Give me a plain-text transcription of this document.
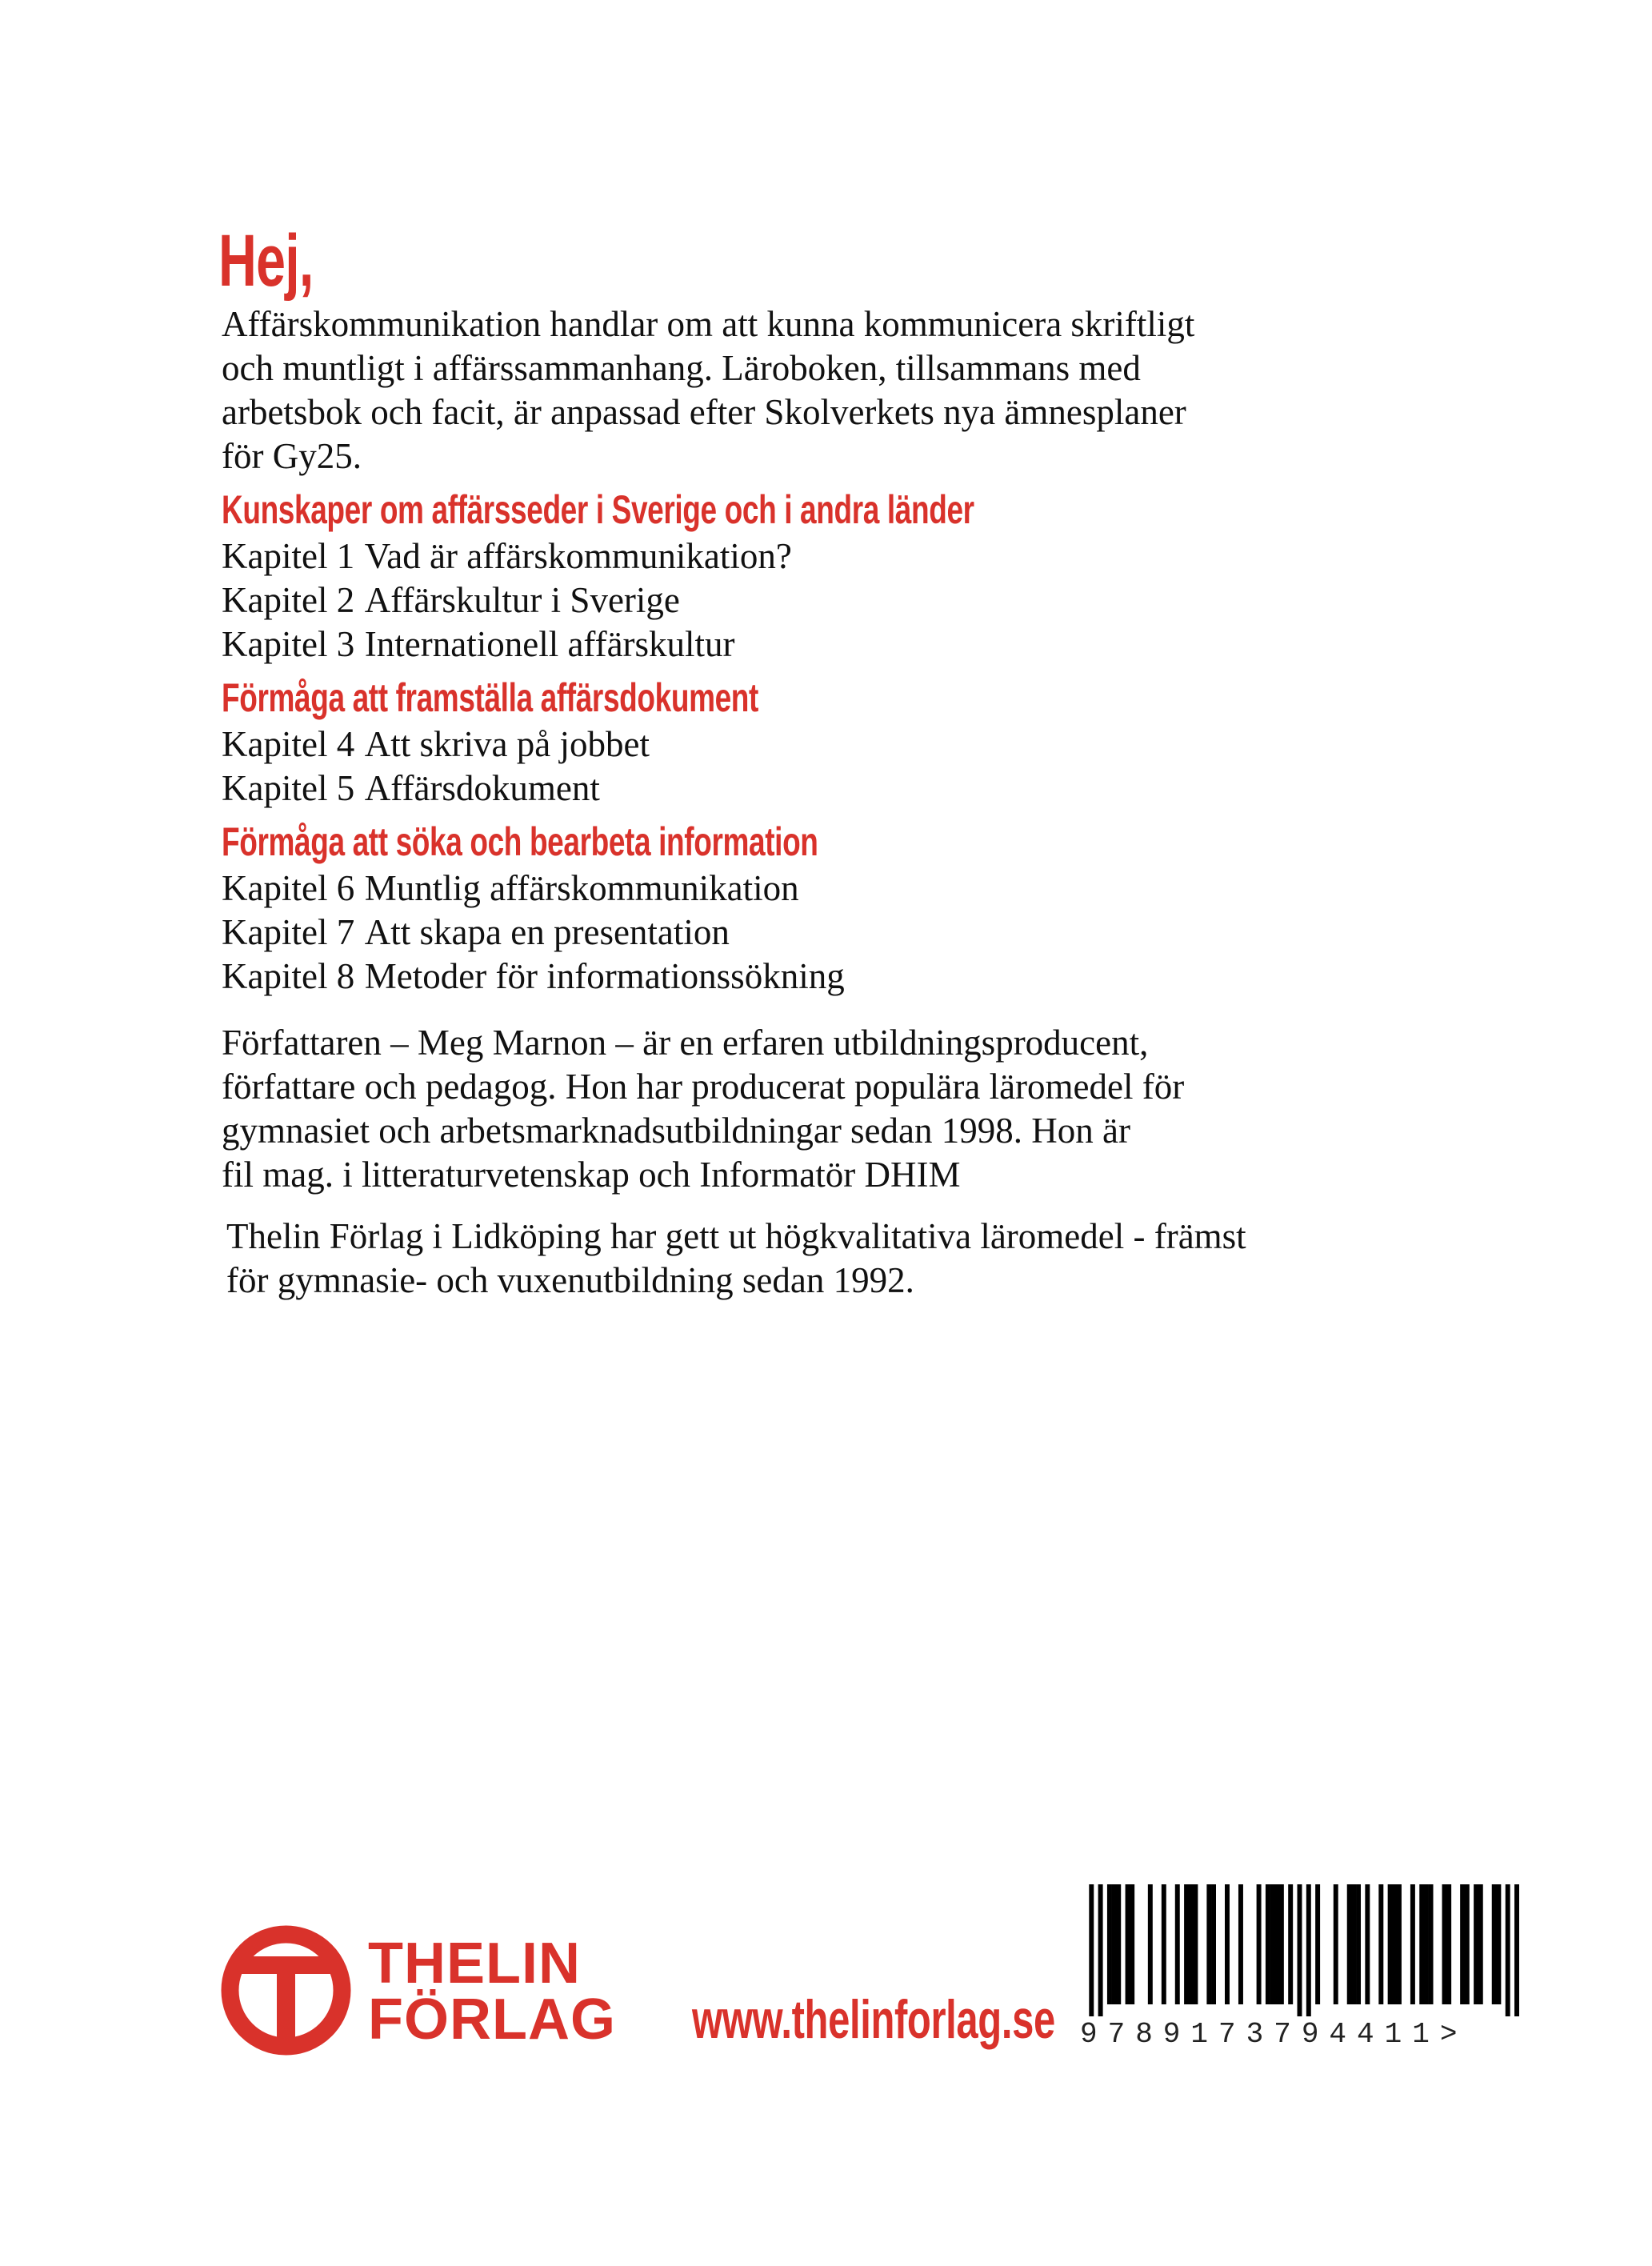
Hej,
Affärskommunikation handlar om att kunna kommunicera skriftligt
och muntligt i affärssammanhang. Läroboken, tillsammans med
arbetsbok och facit, är anpassad efter Skolverkets nya ämnesplaner
för Gy25.
Kunskaper om affärsseder i Sverige och i andra länder
Kapitel 1 Vad är affärskommunikation?
Kapitel 2 Affärskultur i Sverige
Kapitel 3 Internationell affärskultur
Förmåga att framställa affärsdokument
Kapitel 4 Att skriva på jobbet
Kapitel 5 Affärsdokument
Förmåga att söka och bearbeta information
Kapitel 6 Muntlig affärskommunikation
Kapitel 7 Att skapa en presentation
Kapitel 8 Metoder för informationssökning
Författaren – Meg Marnon – är en erfaren utbildningsproducent,
författare och pedagog. Hon har producerat populära läromedel för
gymnasiet och arbetsmarknadsutbildningar sedan 1998. Hon är
fil mag. i litteraturvetenskap och Informatör DHIM
Thelin Förlag i Lidköping har gett ut högkvalitativa läromedel - främst
för gymnasie- och vuxenutbildning sedan 1992.
THELIN
FÖRLAG www.thelinforlag.se 9789173794411>
